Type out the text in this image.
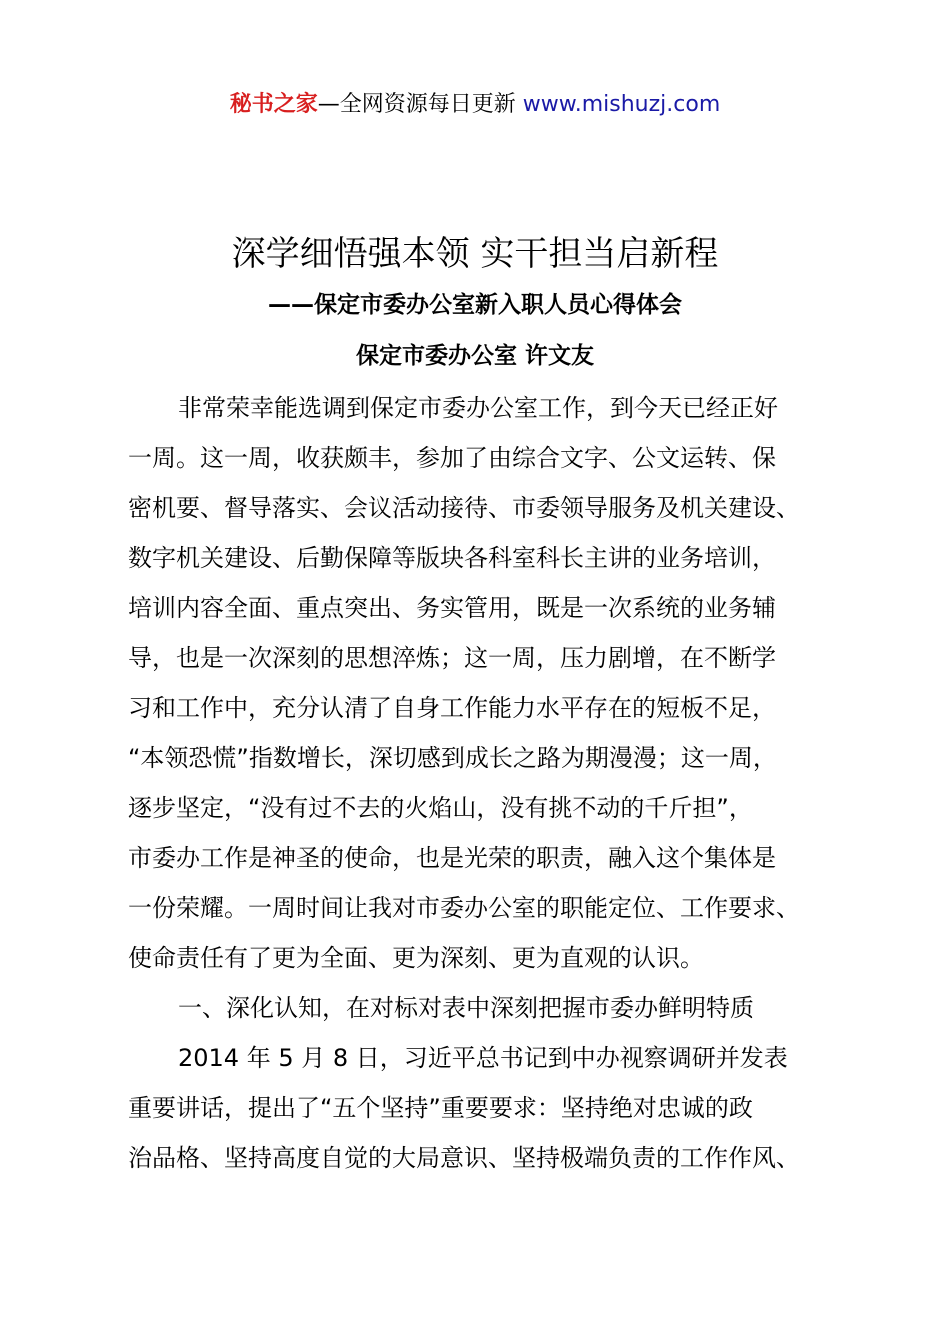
秘书之家—全网资源每日更新 www.mishuzj.com
深学细悟强本领 实干担当启新程
——保定市委办公室新入职人员心得体会
保定市委办公室 许文友
非常荣幸能选调到保定市委办公室工作，到今天已经正好
一周。这一周，收获颇丰，参加了由综合文字、公文运转、保
密机要、督导落实、会议活动接待、市委领导服务及机关建设、
数字机关建设、后勤保障等版块各科室科长主讲的业务培训，
培训内容全面、重点突出、务实管用，既是一次系统的业务辅
导，也是一次深刻的思想淬炼；这一周，压力剧增，在不断学
习和工作中，充分认清了自身工作能力水平存在的短板不足，
“本领恐慌”指数增长，深切感到成长之路为期漫漫；这一周，
逐步坚定，“没有过不去的火焰山，没有挑不动的千斤担”，
市委办工作是神圣的使命，也是光荣的职责，融入这个集体是
一份荣耀。一周时间让我对市委办公室的职能定位、工作要求、
使命责任有了更为全面、更为深刻、更为直观的认识。
一、深化认知，在对标对表中深刻把握市委办鲜明特质
2014 年 5 月 8 日，习近平总书记到中办视察调研并发表
重要讲话，提出了“五个坚持”重要要求：坚持绝对忠诚的政
治品格、坚持高度自觉的大局意识、坚持极端负责的工作作风、
